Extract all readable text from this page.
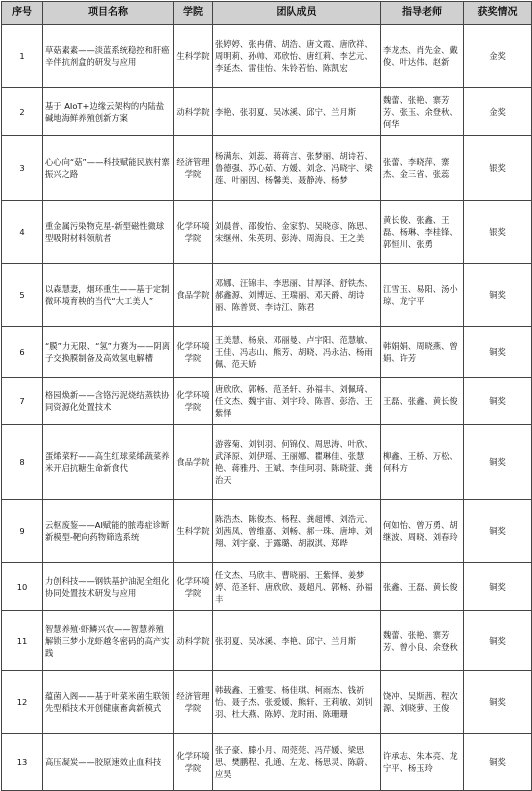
序号	项目名称	学院	团队成员	指导老师	获奖情况
1	草菇素素——淡蓝系统稳控和肝癌辛伴抗剂盒的研发与应用	生科学院	张婷婷、张冉倩、胡浩、唐文霞、唐欣祥、周明莉、孙帅、邓欣怡、唐红莉、李艺元、李延杰、雷佳怡、朱铃若怡、陈凯宏	李龙杰、肖先金、戴俊、叶达伟、赵新	金奖
2	基于 AIoT+边缘云架构的内陆盐碱地海鲜养殖创新方案	动科学院	李艳、张羽夏、吴冰溪、邱宁、兰月斯	魏蕾、张艳、寨芳芳、张玉、余登秋、何华	金奖
3	心心向“菇”——科技赋能民族村寨振兴之路	经济管理学院	杨满东、刘蕊、蒋蒋言、张梦丽、胡诗若、鲁德强、苏心茹、方媛、刘念、冯晓宇、梁莲、叶丽因、杨馨美、聂静涛、杨梦	张蕾、李晓萍、寨杰、金三省、张蕊	银奖
4	重金属污染物克星-新型磁性微球型吸附材料领航者	化学环境学院	刘晨普、邵俊怡、金家豹、吴晓彦、陈思、宋继州、朱英玥、彭涛、周海良、王之美	黄长俊、张鑫、王磊、杨琳、李桂锋、郭恒川、张勇	银奖
5	以森慧妻，烟环重生——基于定制微环境育秧的当代“大工美人”	食品学院	邓娜、汪锦丰、李思丽、甘厚泽、舒铁杰、郝鑫源、刘博远、王瑞丽、邓天爵、胡诗丽、陈普贤、李诗江、陈君	江雪玉、易阳、汤小琼、龙宁平	铜奖
6	“膜”力无限、“氢”力赛为——阴离子交换膜制备及高效氢电解槽	化学环境学院	王美慧、杨泉、邓丽曼、卢宇阳、范慧敏、王佳、冯志山、熊芳、胡晓、冯永洁、杨雨佩、范天娇	韩娟娟、周晓燕、曾娟、许芳	铜奖
7	格园焕新——含铬污泥烧结蒸铁协同资源化处置技术	化学环境学院	唐欣欣、郭畅、范圣轩、孙福丰、刘佩琦、任文杰、魏宇宙、刘宇玲、陈晋、彭浩、王紫怿	王磊、张鑫、黄长俊	铜奖
8	蛋烯菜籽——高生红球菜烯蔬菜养米开启抗糖生命新食代	食品学院	游蓉菊、刘钊羽、何锦仪、周思涛、叶欣、武泽原、刘伊瑶、王丽娜、瞿琳佳、张慧艳、蒋雅丹、王斌、李佳珂羽、陈晓萱、龚治天	柳鑫、王桥、万松、何科方	铜奖
9	云枢废鉴——AI赋能的脓毒症诊断新模型-靶向药物筛选系统	生科学院	陈浩杰、陈俊杰、杨程、龚超博、刘浩元、刘茜凤、曾维嘉、刘畅、郝一珠、唐坤、刘翔、刘宇豪、于露璐、胡淑淇、郑晔	何如怡、曾万勇、胡继波、周晓、刘春玲	铜奖
10	力创科技——钢铁基护油泥全组化协同处置技术研发与应用	化学环境学院	任文杰、马欣丰、曹晓丽、王紫怿、姜梦婷、范圣轩、唐欣欣、聂超凡、郭畅、孙福丰	张鑫、王磊、黄长俊	铜奖
11	智慧养殖·虾鳞兴农——智慧养殖解锁三梦小龙虾越冬密码的高产实践	动科学院	张羽夏、吴冰溪、李艳、邱宁、兰月斯	魏蕾、张艳、寨芳芳、曾小良、余登秋	铜奖
12	蕴菌入阁——基于叶菜米菌生联领先型稻技术开创健康畜禽新模式	经济管理学院	韩载鑫、王雅雯、杨佳琪、柯雨杰、钱祈怡、聂子杰、张爱媛、熊轩、王莉敏、刘钊羽、杜大燕、陈婷、龙时雨、陈珊珊	饶冲、吴斯茜、程次源、刘晓萝、王俊	铜奖
13	高压凝炭——胶原速效止血科技	化学环境学院	张子豪、滕小月、周莞莞、冯芹媛、梁思思、樊鹏程、孔通、左龙、杨思灵、陈蔚、应昊	许承志、朱本亮、龙宁平、杨玉玲	铜奖
